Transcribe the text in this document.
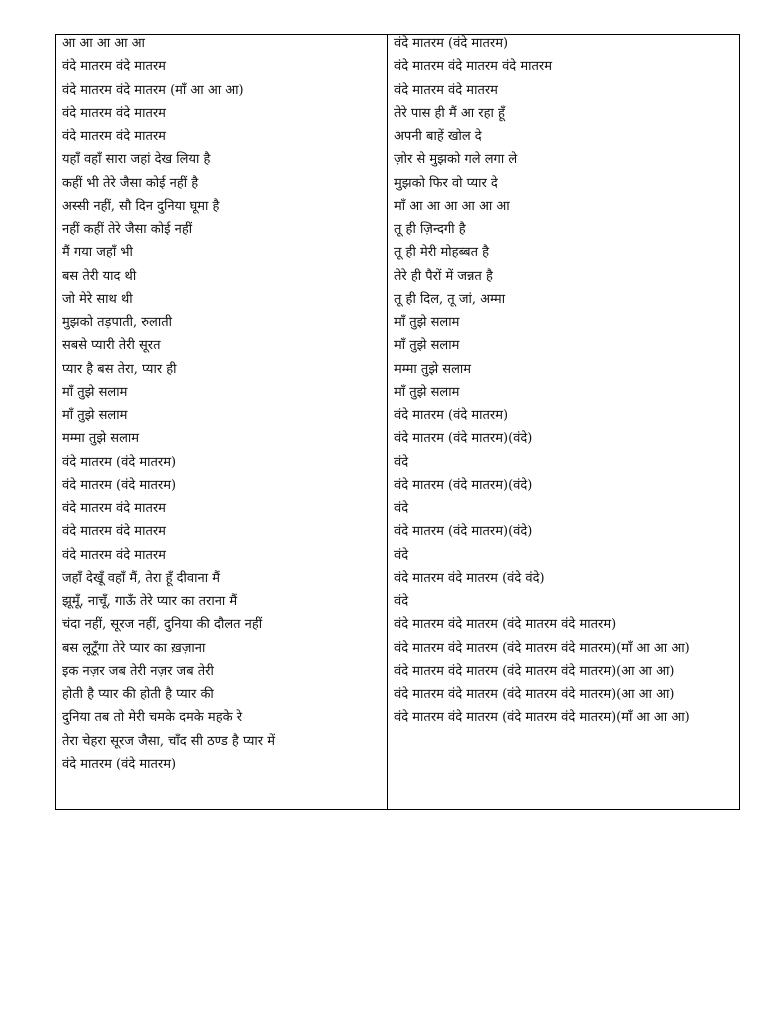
आ आ आ आ आ
वंदे मातरम वंदे मातरम
वंदे मातरम वंदे मातरम (माँ आ आ आ)
वंदे मातरम वंदे मातरम
वंदे मातरम वंदे मातरम
यहाँ वहाँ सारा जहां देख लिया है
कहीं भी तेरे जैसा कोई नहीं है
अस्सी नहीं, सौ दिन दुनिया घूमा है
नहीं कहीं तेरे जैसा कोई नहीं
मैं गया जहाँ भी
बस तेरी याद थी
जो मेरे साथ थी
मुझको तड़पाती, रुलाती
सबसे प्यारी तेरी सूरत
प्यार है बस तेरा, प्यार ही
माँ तुझे सलाम
माँ तुझे सलाम
मम्मा तुझे सलाम
वंदे मातरम (वंदे मातरम)
वंदे मातरम (वंदे मातरम)
वंदे मातरम वंदे मातरम
वंदे मातरम वंदे मातरम
वंदे मातरम वंदे मातरम
जहाँ देखूँ वहाँ मैं, तेरा हूँ दीवाना मैं
झूमूँ, नाचूँ, गाऊँ तेरे प्यार का तराना मैं
चंदा नहीं, सूरज नहीं, दुनिया की दौलत नहीं
बस लूटूँगा तेरे प्यार का ख़ज़ाना
इक नज़र जब तेरी नज़र जब तेरी
होती है प्यार की होती है प्यार की
दुनिया तब तो मेरी चमके दमके महके रे
तेरा चेहरा सूरज जैसा, चाँद सी ठण्ड है प्यार में
वंदे मातरम (वंदे मातरम)
वंदे मातरम (वंदे मातरम)
वंदे मातरम वंदे मातरम वंदे मातरम
वंदे मातरम वंदे मातरम
तेरे पास ही मैं आ रहा हूँ
अपनी बाहें खोल दे
ज़ोर से मुझको गले लगा ले
मुझको फिर वो प्यार दे
माँ आ आ आ आ आ आ
तू ही ज़िन्दगी है
तू ही मेरी मोहब्बत है
तेरे ही पैरों में जन्नत है
तू ही दिल, तू जां, अम्मा
माँ तुझे सलाम
माँ तुझे सलाम
मम्मा तुझे सलाम
माँ तुझे सलाम
वंदे मातरम (वंदे मातरम)
वंदे मातरम (वंदे मातरम)(वंदे)
वंदे
वंदे मातरम (वंदे मातरम)(वंदे)
वंदे
वंदे मातरम (वंदे मातरम)(वंदे)
वंदे
वंदे मातरम वंदे मातरम (वंदे वंदे)
वंदे
वंदे मातरम वंदे मातरम (वंदे मातरम वंदे मातरम)
वंदे मातरम वंदे मातरम (वंदे मातरम वंदे मातरम)(माँ आ आ आ)
वंदे मातरम वंदे मातरम (वंदे मातरम वंदे मातरम)(आ आ आ)
वंदे मातरम वंदे मातरम (वंदे मातरम वंदे मातरम)(आ आ आ)
वंदे मातरम वंदे मातरम (वंदे मातरम वंदे मातरम)(माँ आ आ आ)
